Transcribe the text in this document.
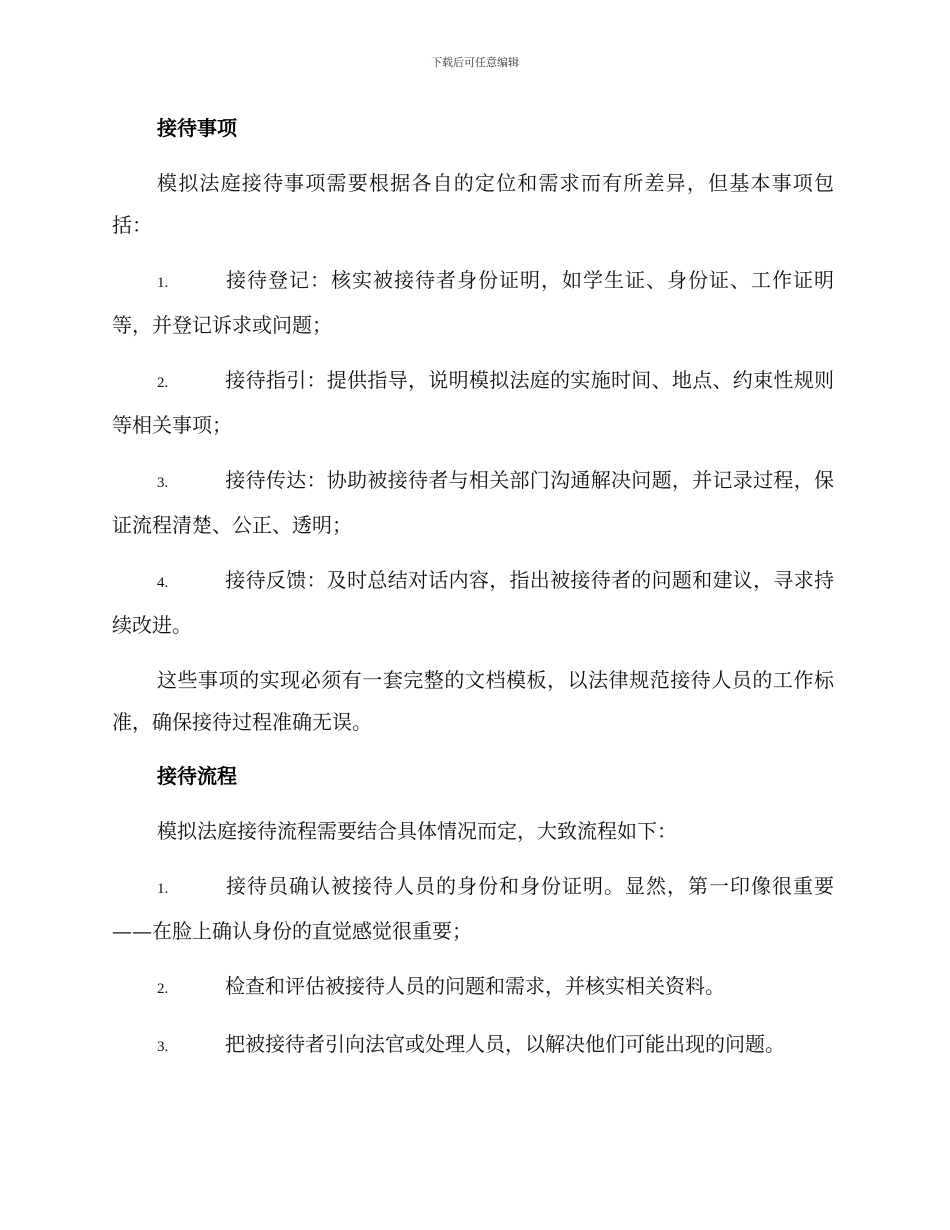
下载后可任意编辑
接待事项

模拟法庭接待事项需要根据各自的定位和需求而有所差异，但基本事项包括：

1.	接待登记：核实被接待者身份证明，如学生证、身份证、工作证明等，并登记诉求或问题；

2.	接待指引：提供指导，说明模拟法庭的实施时间、地点、约束性规则等相关事项；

3.	接待传达：协助被接待者与相关部门沟通解决问题，并记录过程，保证流程清楚、公正、透明；

4.	接待反馈：及时总结对话内容，指出被接待者的问题和建议，寻求持续改进。

这些事项的实现必须有一套完整的文档模板，以法律规范接待人员的工作标准，确保接待过程准确无误。

接待流程

模拟法庭接待流程需要结合具体情况而定，大致流程如下：

1.	接待员确认被接待人员的身份和身份证明。显然，第一印像很重要——在脸上确认身份的直觉感觉很重要；

2.	检查和评估被接待人员的问题和需求，并核实相关资料。

3.	把被接待者引向法官或处理人员，以解决他们可能出现的问题。
